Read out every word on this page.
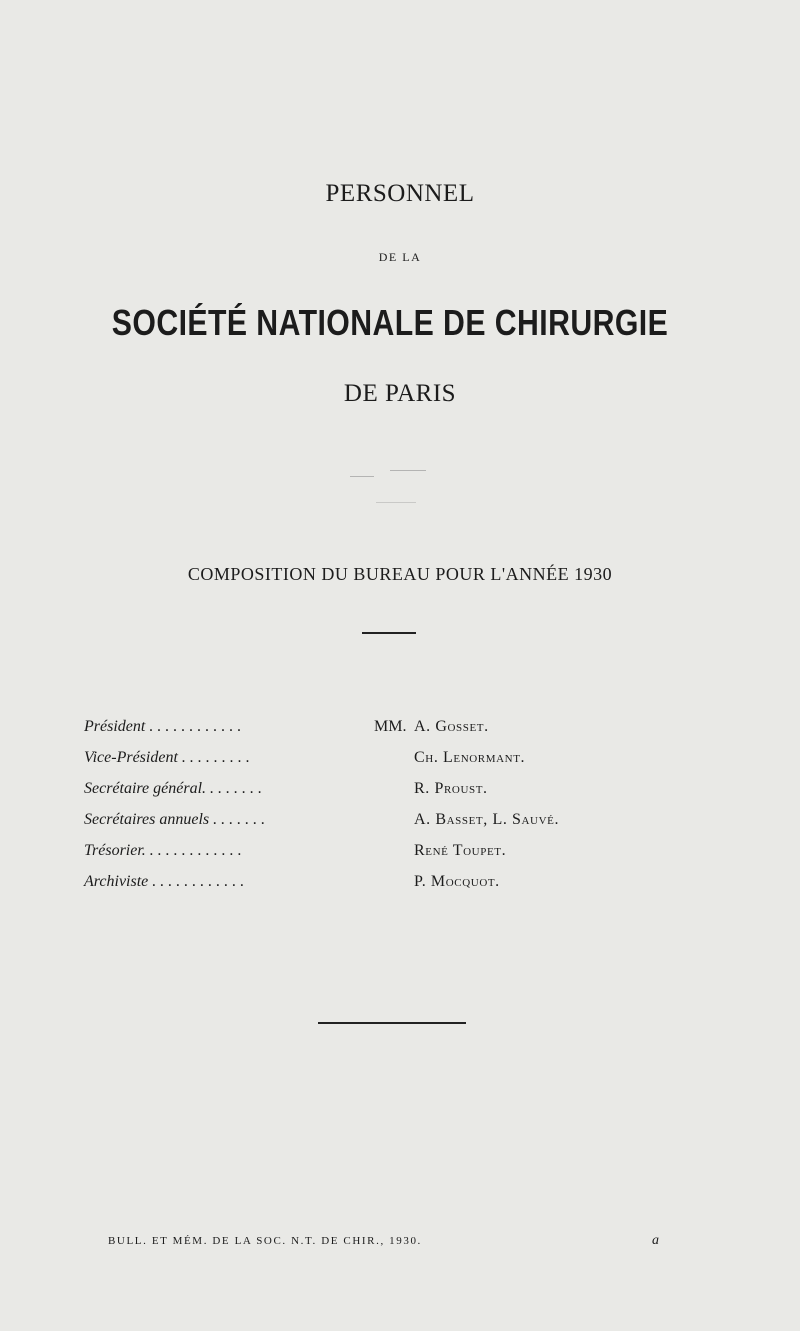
PERSONNEL
DE LA
SOCIÉTÉ NATIONALE DE CHIRURGIE
DE PARIS
COMPOSITION DU BUREAU POUR L'ANNÉE 1930
Président . . . . . . . . . . . .	MM. A. Gosset.
Vice-Président . . . . . . . . .	Ch. Lenormant.
Secrétaire général. . . . . . . .	R. Proust.
Secrétaires annuels . . . . . . .	A. Basset, L. Sauvé.
Trésorier. . . . . . . . . . . . .	René Toupet.
Archiviste . . . . . . . . . . . .	P. Mocquot.
BULL. ET MÉM. DE LA SOC. N.T. DE CHIR., 1930.	a
